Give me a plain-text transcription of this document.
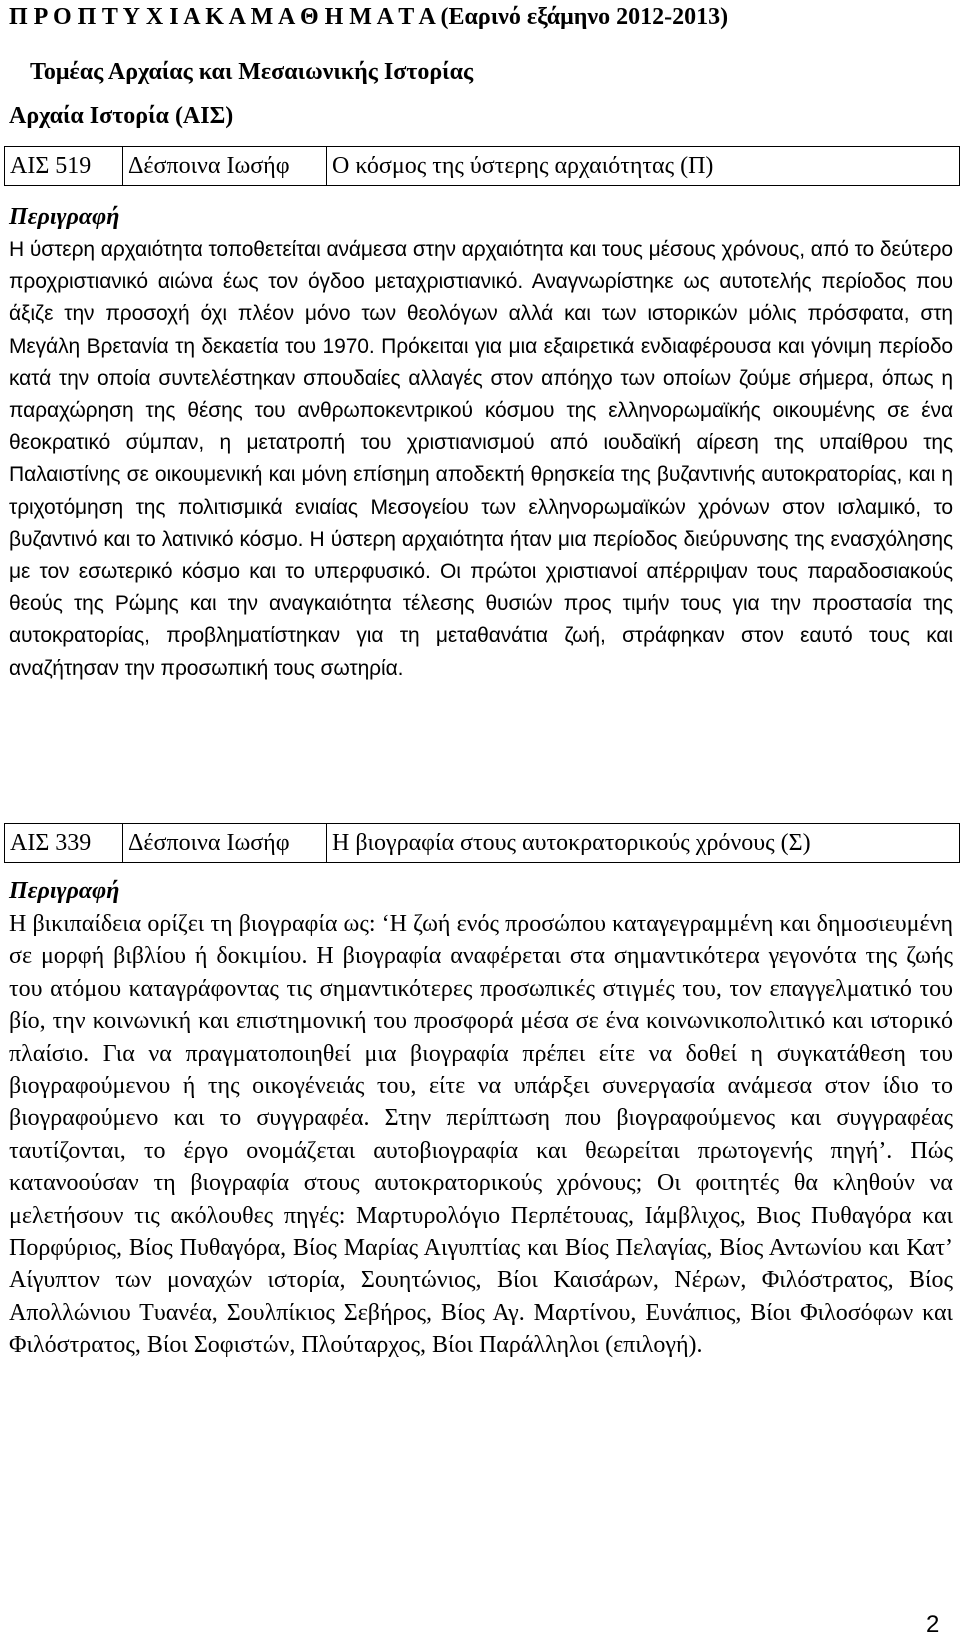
Π Ρ Ο Π Τ Υ Χ Ι Α Κ Α Μ Α Θ Η Μ Α Τ Α (Εαρινό εξάμηνο 2012-2013)
Τομέας Αρχαίας και Μεσαιωνικής Ιστορίας
Αρχαία Ιστορία (ΑΙΣ)
ΑΙΣ 519	Δέσποινα Ιωσήφ	Ο κόσμος της ύστερης αρχαιότητας (Π)
Περιγραφή

Η ύστερη αρχαιότητα τοποθετείται ανάμεσα στην αρχαιότητα και τους μέσους χρόνους, από το δεύτερο προχριστιανικό αιώνα έως τον όγδοο μεταχριστιανικό. Αναγνωρίστηκε ως αυτοτελής περίοδος που άξιζε την προσοχή όχι πλέον μόνο των θεολόγων αλλά και των ιστορικών μόλις πρόσφατα, στη Μεγάλη Βρετανία τη δεκαετία του 1970. Πρόκειται για μια εξαιρετικά ενδιαφέρουσα και γόνιμη περίοδο κατά την οποία συντελέστηκαν σπουδαίες αλλαγές στον απόηχο των οποίων ζούμε σήμερα, όπως η παραχώρηση της θέσης του ανθρωποκεντρικού κόσμου της ελληνορωμαϊκής οικουμένης σε ένα θεοκρατικό σύμπαν, η μετατροπή του χριστιανισμού από ιουδαϊκή αίρεση της υπαίθρου της Παλαιστίνης σε οικουμενική και μόνη επίσημη αποδεκτή θρησκεία της βυζαντινής αυτοκρατορίας, και η τριχοτόμηση της πολιτισμικά ενιαίας Μεσογείου των ελληνορωμαϊκών χρόνων στον ισλαμικό, το βυζαντινό και το λατινικό κόσμο. Η ύστερη αρχαιότητα ήταν μια περίοδος διεύρυνσης της ενασχόλησης με τον εσωτερικό κόσμο και το υπερφυσικό. Οι πρώτοι χριστιανοί απέρριψαν τους παραδοσιακούς θεούς της Ρώμης και την αναγκαιότητα τέλεσης θυσιών προς τιμήν τους για την προστασία της αυτοκρατορίας, προβληματίστηκαν για τη μεταθανάτια ζωή, στράφηκαν στον εαυτό τους και αναζήτησαν την προσωπική τους σωτηρία.

ΑΙΣ 339	Δέσποινα Ιωσήφ	Η βιογραφία στους αυτοκρατορικούς χρόνους (Σ)
Περιγραφή

Η βικιπαίδεια ορίζει τη βιογραφία ως: ‘Η ζωή ενός προσώπου καταγεγραμμένη και δημοσιευμένη σε μορφή βιβλίου ή δοκιμίου. Η βιογραφία αναφέρεται στα σημαντικότερα γεγονότα της ζωής του ατόμου καταγράφοντας τις σημαντικότερες προσωπικές στιγμές του, τον επαγγελματικό του βίο, την κοινωνική και επιστημονική του προσφορά μέσα σε ένα κοινωνικοπολιτικό και ιστορικό πλαίσιο. Για να πραγματοποιηθεί μια βιογραφία πρέπει είτε να δοθεί η συγκατάθεση του βιογραφούμενου ή της οικογένειάς του, είτε να υπάρξει συνεργασία ανάμεσα στον ίδιο το βιογραφούμενο και το συγγραφέα. Στην περίπτωση που βιογραφούμενος και συγγραφέας ταυτίζονται, το έργο ονομάζεται αυτοβιογραφία και θεωρείται πρωτογενής πηγή’. Πώς κατανοούσαν τη βιογραφία στους αυτοκρατορικούς χρόνους; Οι φοιτητές θα κληθούν να μελετήσουν τις ακόλουθες πηγές: Μαρτυρολόγιο Περπέτουας, Ιάμβλιχος, Βιος Πυθαγόρα και Πορφύριος, Βίος Πυθαγόρα, Βίος Μαρίας Αιγυπτίας και Βίος Πελαγίας, Βίος Αντωνίου και Κατ’ Αίγυπτον των μοναχών ιστορία, Σουητώνιος, Βίοι Καισάρων, Νέρων, Φιλόστρατος, Βίος Απολλώνιου Τυανέα, Σουλπίκιος Σεβήρος, Βίος Αγ. Μαρτίνου, Ευνάπιος, Βίοι Φιλοσόφων και Φιλόστρατος, Βίοι Σοφιστών, Πλούταρχος, Βίοι Παράλληλοι (επιλογή).

2
